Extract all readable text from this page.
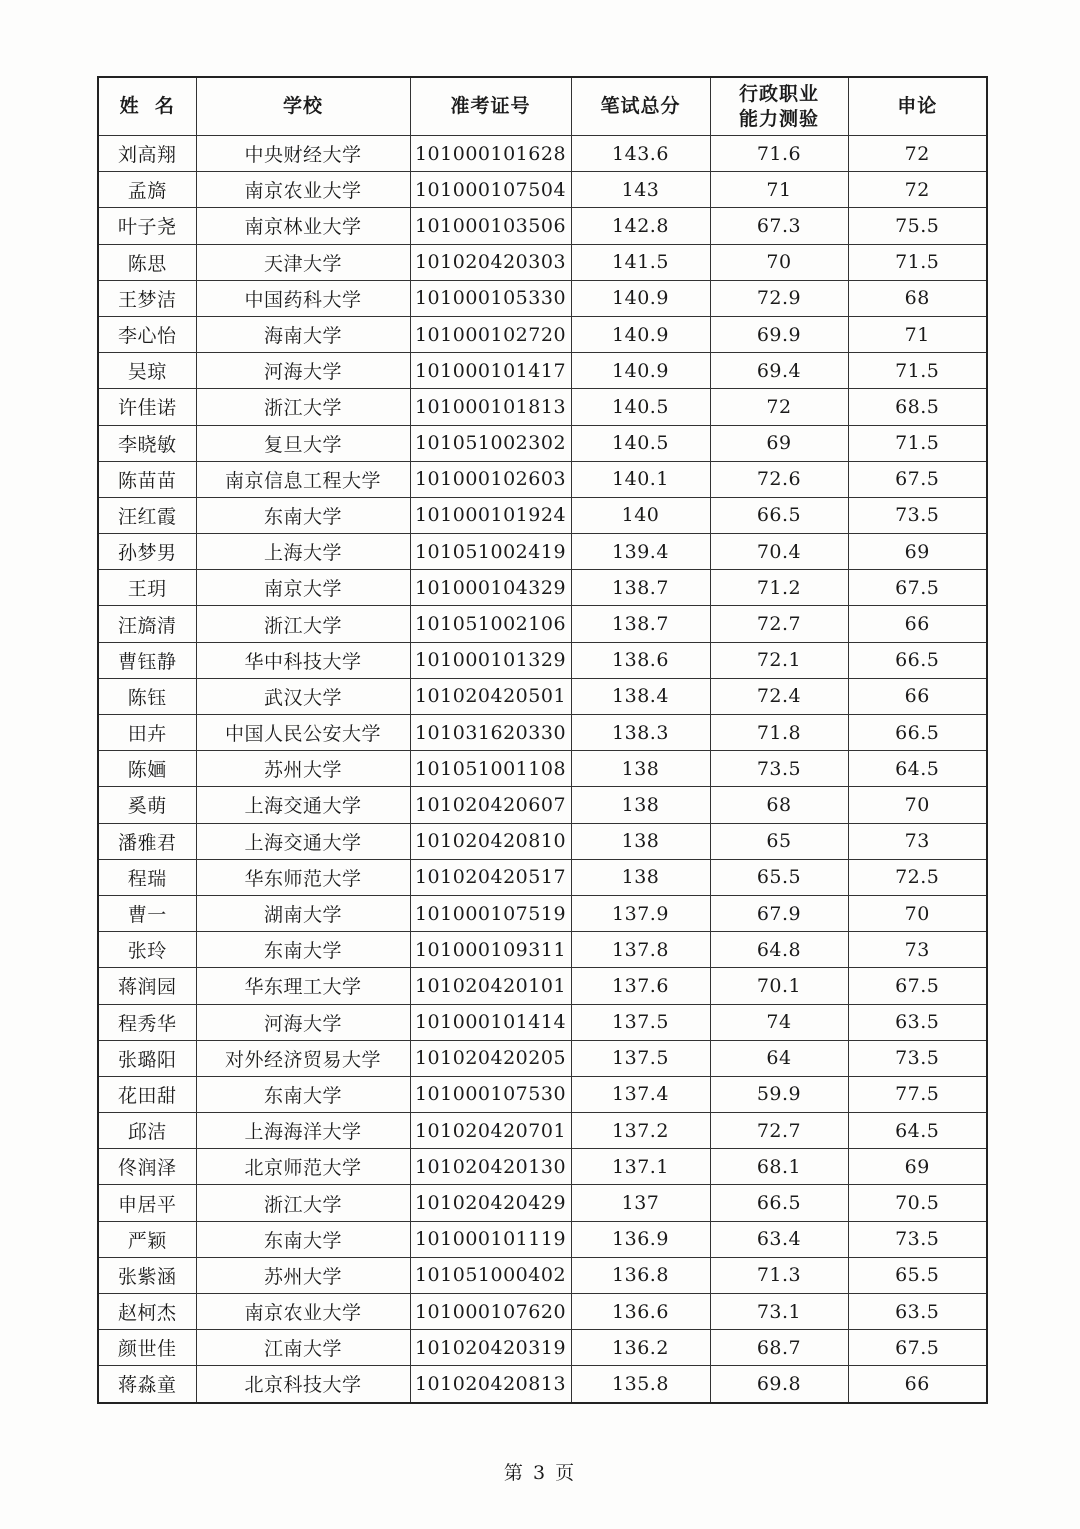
姓  名	学校	准考证号	笔试总分	行政职业能力测验	申论
刘高翔	中央财经大学	101000101628	143.6	71.6	72
孟旖	南京农业大学	101000107504	143	71	72
叶子尧	南京林业大学	101000103506	142.8	67.3	75.5
陈思	天津大学	101020420303	141.5	70	71.5
王梦洁	中国药科大学	101000105330	140.9	72.9	68
李心怡	海南大学	101000102720	140.9	69.9	71
吴琼	河海大学	101000101417	140.9	69.4	71.5
许佳诺	浙江大学	101000101813	140.5	72	68.5
李晓敏	复旦大学	101051002302	140.5	69	71.5
陈苗苗	南京信息工程大学	101000102603	140.1	72.6	67.5
汪红霞	东南大学	101000101924	140	66.5	73.5
孙梦男	上海大学	101051002419	139.4	70.4	69
王玥	南京大学	101000104329	138.7	71.2	67.5
汪旖清	浙江大学	101051002106	138.7	72.7	66
曹钰静	华中科技大学	101000101329	138.6	72.1	66.5
陈钰	武汉大学	101020420501	138.4	72.4	66
田卉	中国人民公安大学	101031620330	138.3	71.8	66.5
陈婳	苏州大学	101051001108	138	73.5	64.5
奚萌	上海交通大学	101020420607	138	68	70
潘雅君	上海交通大学	101020420810	138	65	73
程瑞	华东师范大学	101020420517	138	65.5	72.5
曹一	湖南大学	101000107519	137.9	67.9	70
张玲	东南大学	101000109311	137.8	64.8	73
蒋润园	华东理工大学	101020420101	137.6	70.1	67.5
程秀华	河海大学	101000101414	137.5	74	63.5
张璐阳	对外经济贸易大学	101020420205	137.5	64	73.5
花田甜	东南大学	101000107530	137.4	59.9	77.5
邱洁	上海海洋大学	101020420701	137.2	72.7	64.5
佟润泽	北京师范大学	101020420130	137.1	68.1	69
申居平	浙江大学	101020420429	137	66.5	70.5
严颖	东南大学	101000101119	136.9	63.4	73.5
张紫涵	苏州大学	101051000402	136.8	71.3	65.5
赵柯杰	南京农业大学	101000107620	136.6	73.1	63.5
颜世佳	江南大学	101020420319	136.2	68.7	67.5
蒋淼童	北京科技大学	101020420813	135.8	69.8	66
第 3 页
